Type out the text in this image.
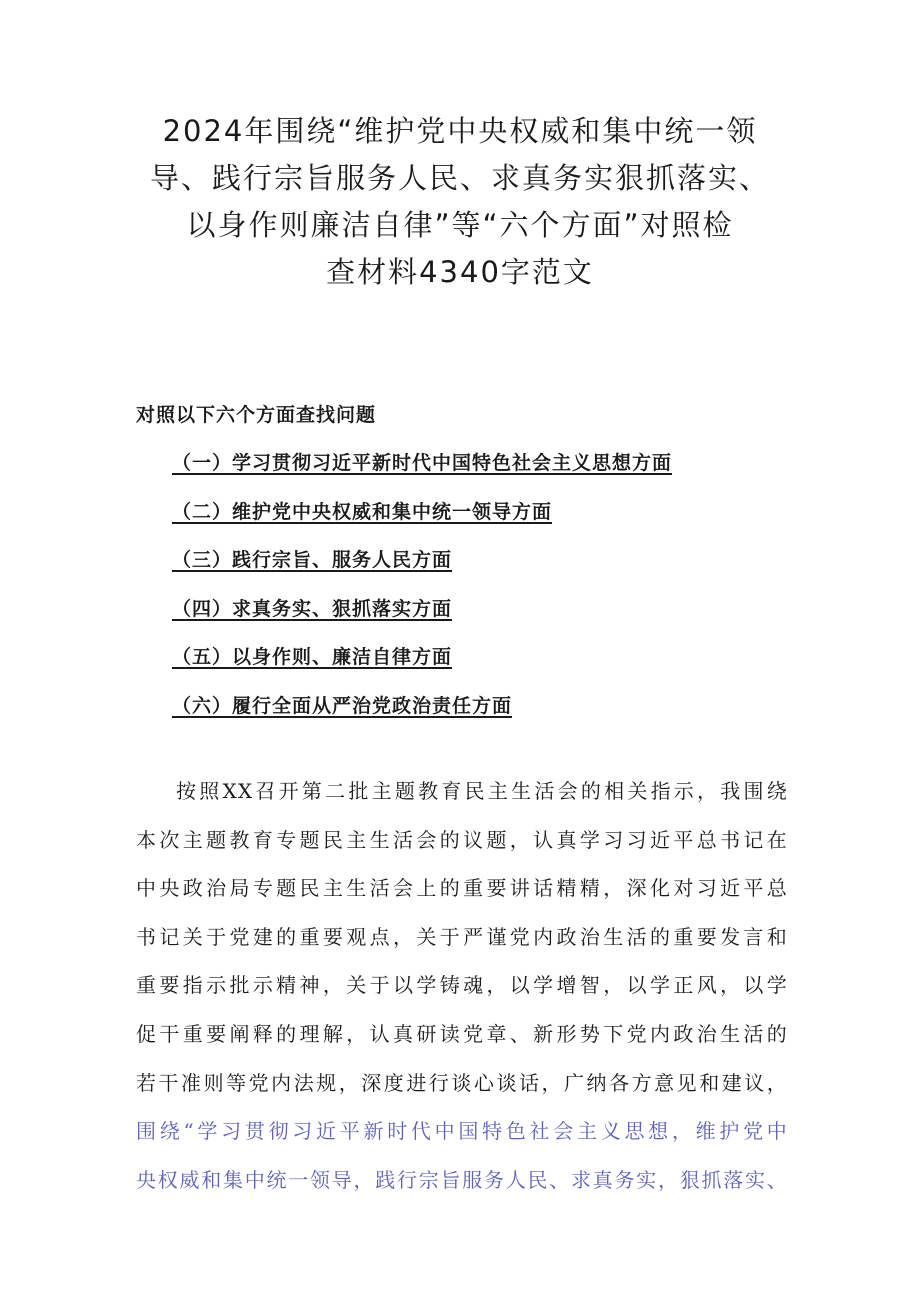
2024年围绕“维护党中央权威和集中统一领
导、践行宗旨服务人民、求真务实狠抓落实、
以身作则廉洁自律”等“六个方面”对照检
查材料4340字范文

对照以下六个方面查找问题

（一）学习贯彻习近平新时代中国特色社会主义思想方面
（二）维护党中央权威和集中统一领导方面
（三）践行宗旨、服务人民方面
（四）求真务实、狠抓落实方面
（五）以身作则、廉洁自律方面
（六）履行全面从严治党政治责任方面
按照XX召开第二批主题教育民主生活会的相关指示，我围绕
本次主题教育专题民主生活会的议题，认真学习习近平总书记在
中央政治局专题民主生活会上的重要讲话精精，深化对习近平总
书记关于党建的重要观点，关于严谨党内政治生活的重要发言和
重要指示批示精神，关于以学铸魂，以学增智，以学正风，以学
促干重要阐释的理解，认真研读党章、新形势下党内政治生活的
若干准则等党内法规，深度进行谈心谈话，广纳各方意见和建议，
围绕“学习贯彻习近平新时代中国特色社会主义思想，维护党中
央权威和集中统一领导，践行宗旨服务人民、求真务实，狠抓落实、
